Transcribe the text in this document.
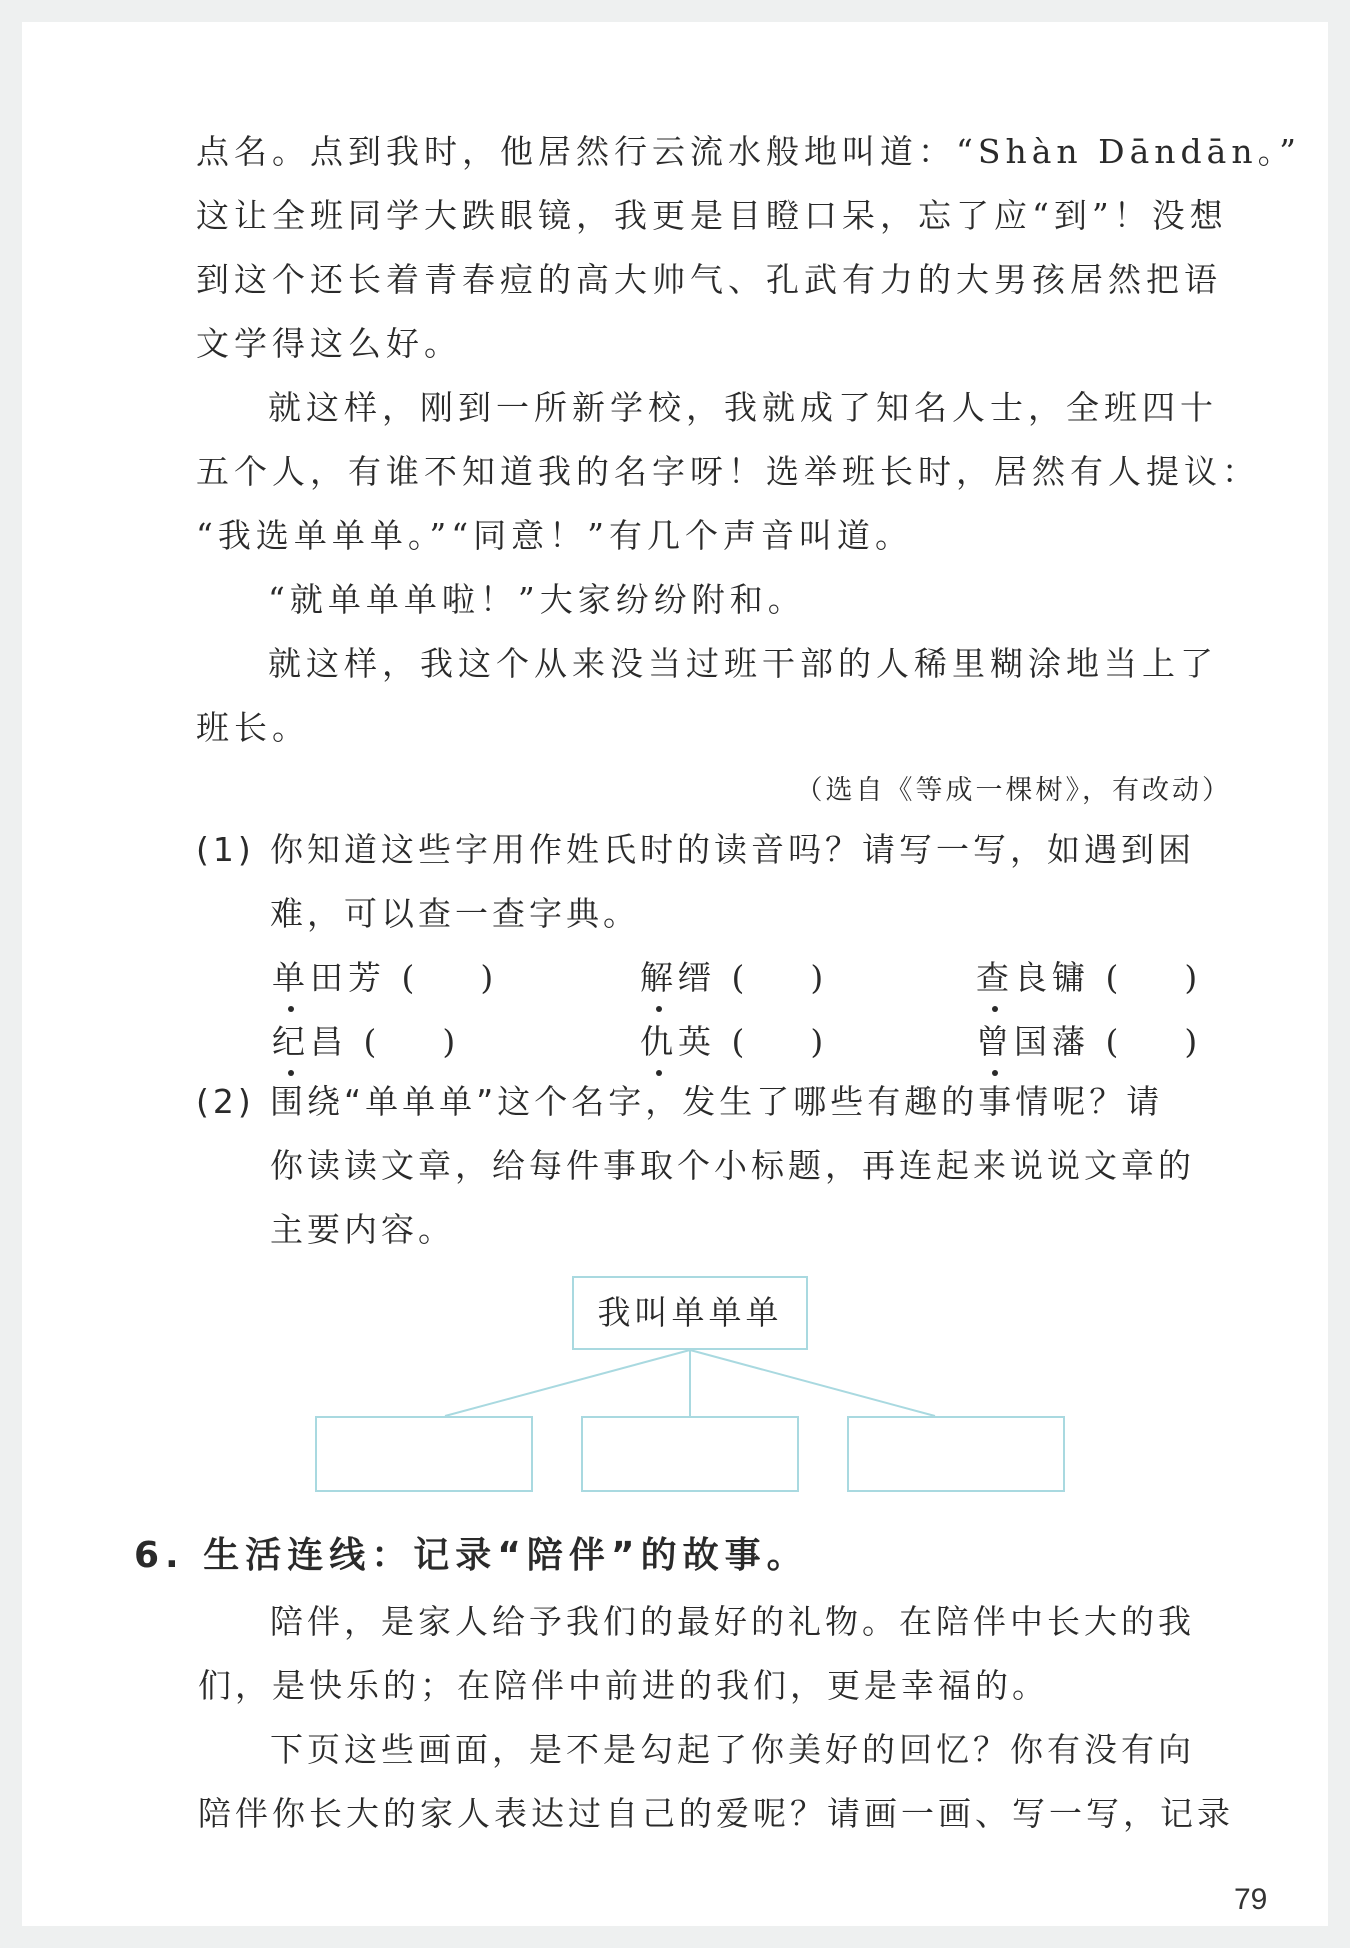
点名。点到我时，他居然行云流水般地叫道：“Shàn Dāndān。”
这让全班同学大跌眼镜，我更是目瞪口呆，忘了应“到”！没想
到这个还长着青春痘的高大帅气、孔武有力的大男孩居然把语
文学得这么好。
就这样，刚到一所新学校，我就成了知名人士，全班四十
五个人，有谁不知道我的名字呀！选举班长时，居然有人提议：
“我选单单单。”“同意！”有几个声音叫道。
“就单单单啦！”大家纷纷附和。
就这样，我这个从来没当过班干部的人稀里糊涂地当上了
班长。
（选自《等成一棵树》，有改动）
(1) 你知道这些字用作姓氏时的读音吗？请写一写，如遇到困
难，可以查一查字典。
单田芳 (　　)	解缙 (　　)	查良镛 (　　)
纪昌 (　　)	仇英 (　　)	曾国藩 (　　)
(2) 围绕“单单单”这个名字，发生了哪些有趣的事情呢？请
你读读文章，给每件事取个小标题，再连起来说说文章的
主要内容。
我叫单单单
6. 生活连线：记录“陪伴”的故事。
陪伴，是家人给予我们的最好的礼物。在陪伴中长大的我
们，是快乐的；在陪伴中前进的我们，更是幸福的。
下页这些画面，是不是勾起了你美好的回忆？你有没有向
陪伴你长大的家人表达过自己的爱呢？请画一画、写一写，记录
79
